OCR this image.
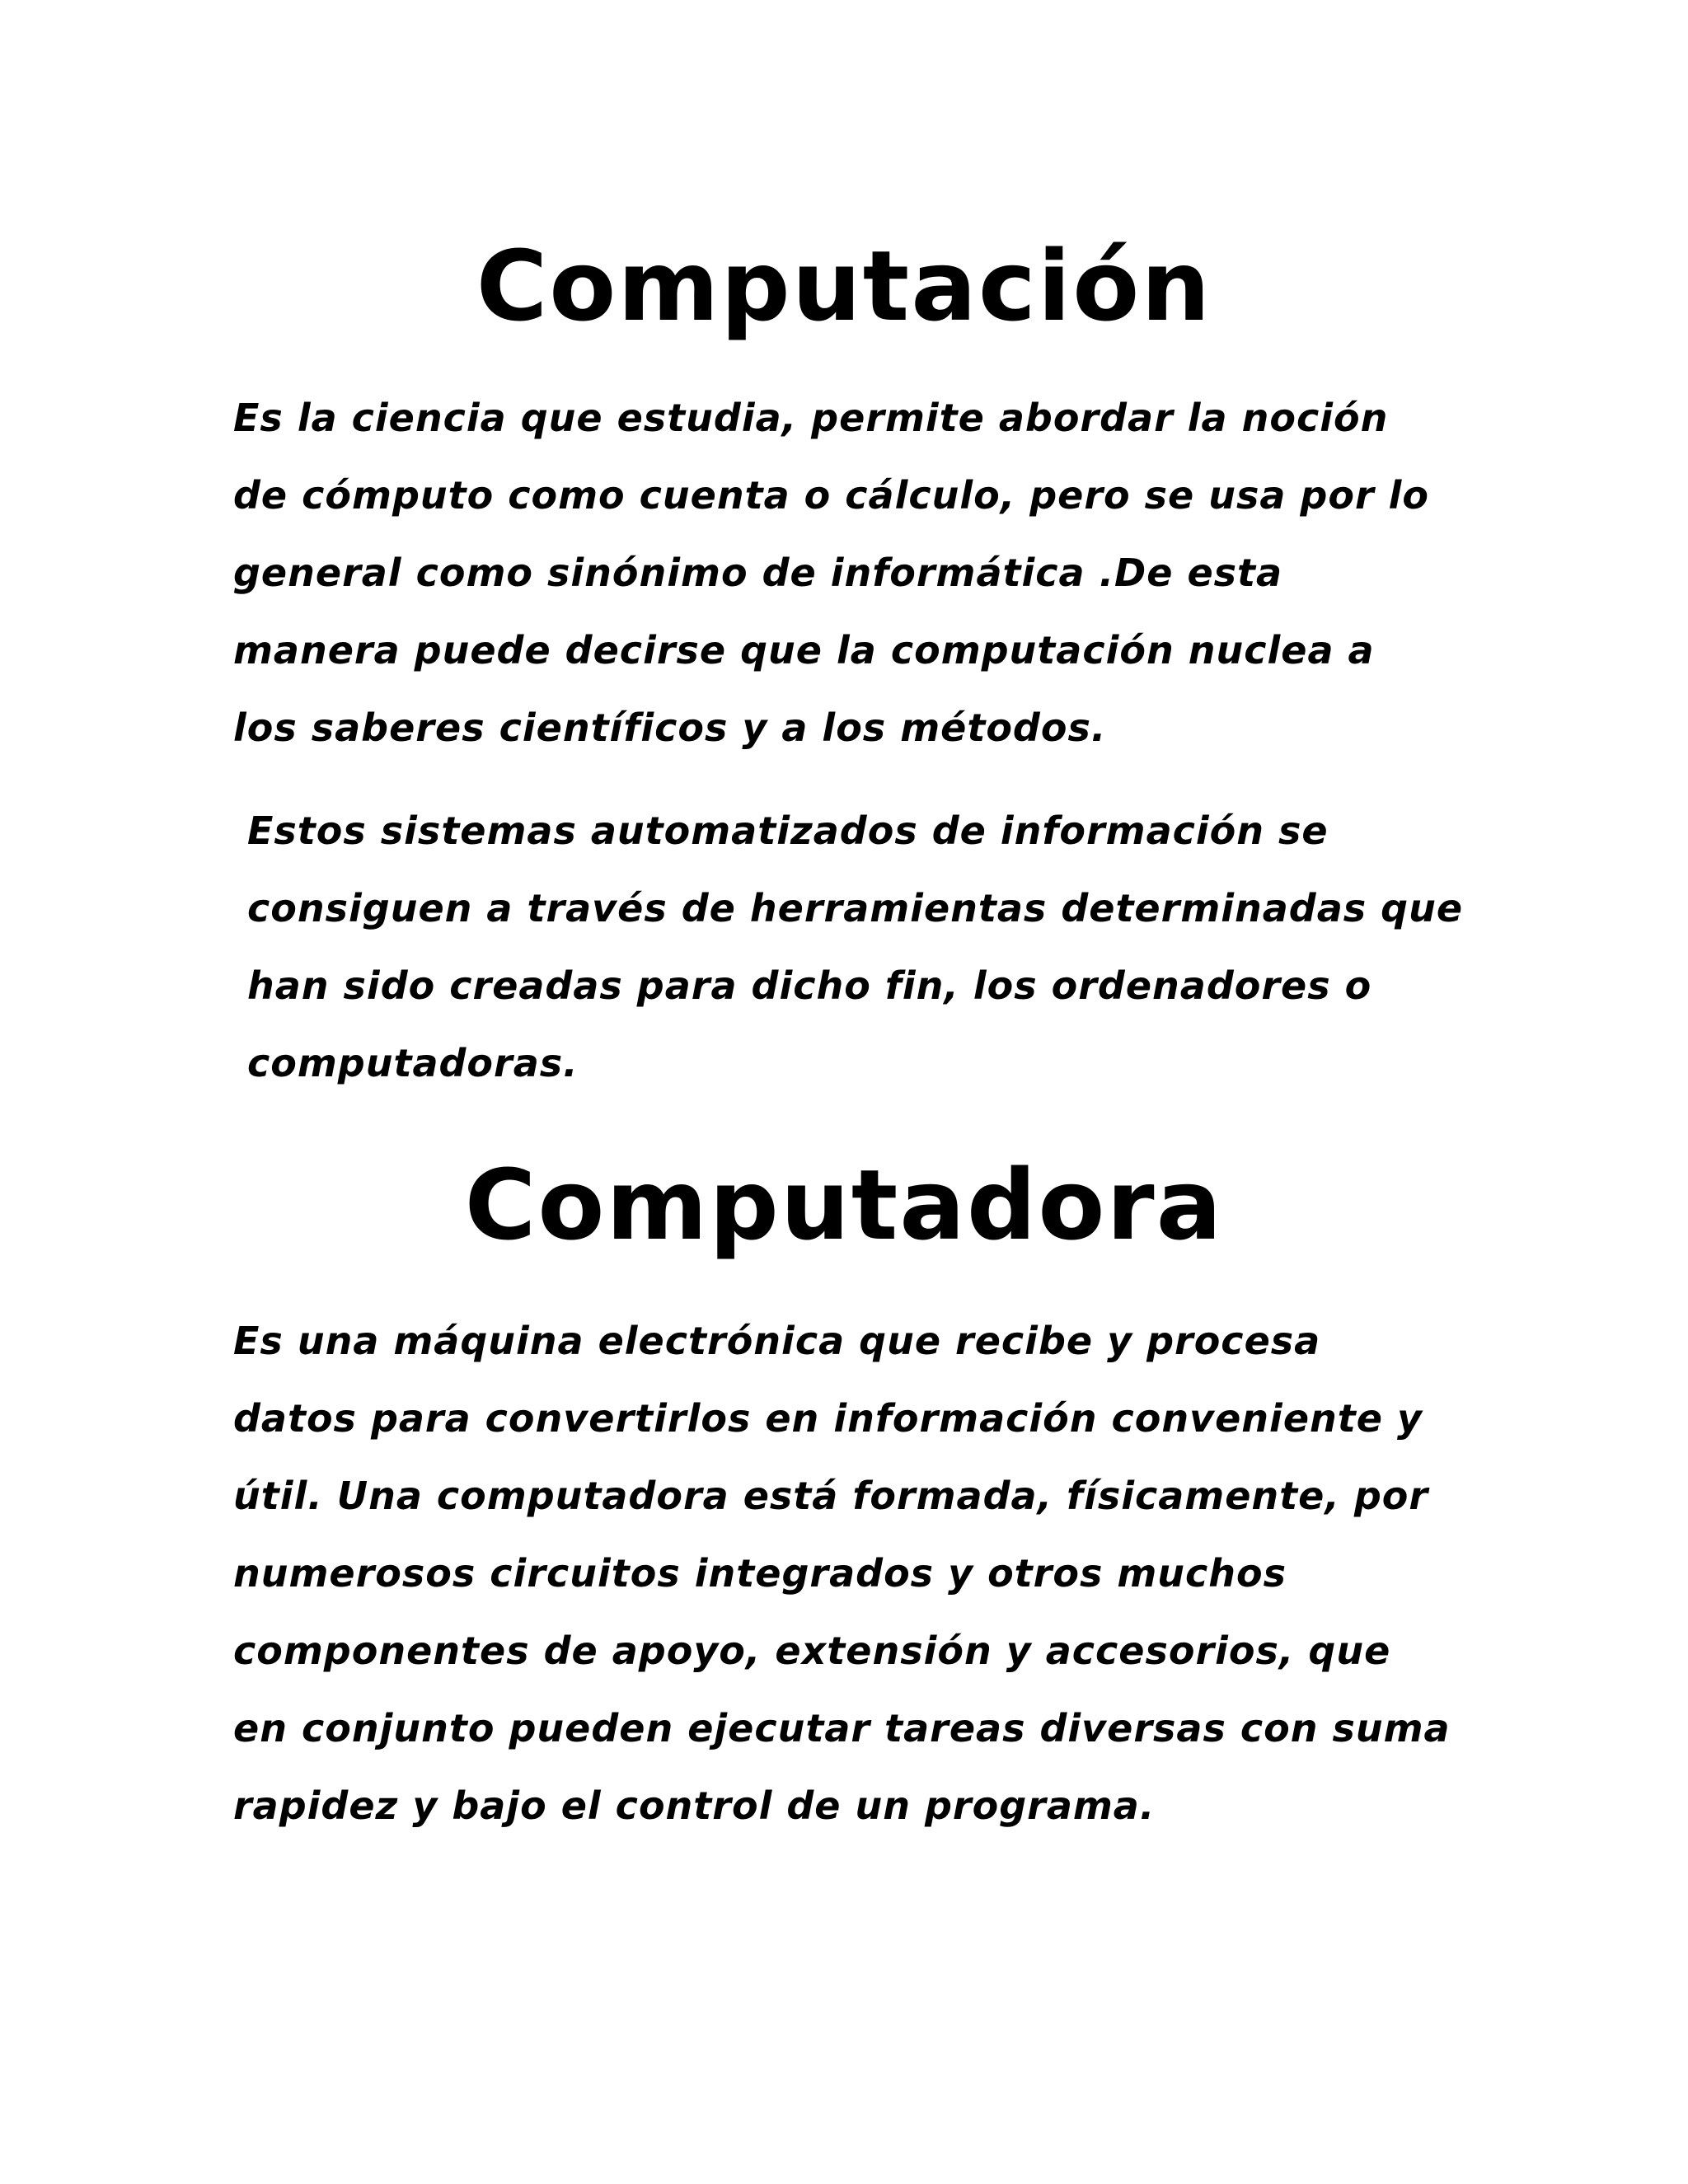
Computación

Es la ciencia que estudia, permite abordar la noción
de cómputo como cuenta o cálculo, pero se usa por lo
general como sinónimo de informática .De esta
manera puede decirse que la computación nuclea a
los saberes científicos y a los métodos.

Estos sistemas automatizados de información se
consiguen a través de herramientas determinadas que
han sido creadas para dicho fin, los ordenadores o
computadoras.

Computadora

Es una máquina electrónica que recibe y procesa
datos para convertirlos en información conveniente y
útil. Una computadora está formada, físicamente, por
numerosos circuitos integrados y otros muchos
componentes de apoyo, extensión y accesorios, que
en conjunto pueden ejecutar tareas diversas con suma
rapidez y bajo el control de un programa.
